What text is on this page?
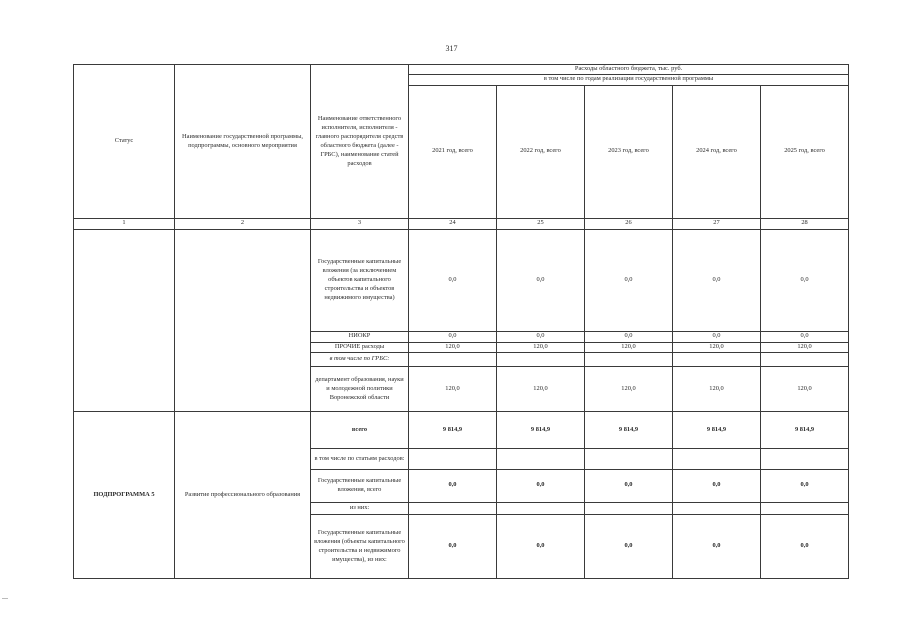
317
Статус	Наименование государственной программы, подпрограммы, основного мероприятия	Наименование ответственного исполнителя, исполнителя - главного распорядителя средств областного бюджета (далее - ГРБС), наименование статей расходов	Расходы областного бюджета, тыс. руб.				
			в том числе по годам реализации государственной программы				
			2021 год, всего	2022 год, всего	2023 год, всего	2024 год, всего	2025 год, всего
1	2	3	24	25	26	27	28
		Государственные капитальные вложения (за исключением объектов капитального строительства и объектов недвижимого имущества)	0,0	0,0	0,0	0,0	0,0
		НИОКР	0,0	0,0	0,0	0,0	0,0
		ПРОЧИЕ расходы	120,0	120,0	120,0	120,0	120,0
		в том числе по ГРБС:					
		департамент образования, науки и молодежной политики Воронежской области	120,0	120,0	120,0	120,0	120,0
ПОДПРОГРАММА 5	Развитие профессионального образования	всего	9 814,9	9 814,9	9 814,9	9 814,9	9 814,9
		в том числе по статьям расходов:					
		Государственные капитальные вложения, всего	0,0	0,0	0,0	0,0	0,0
		из них:					
		Государственные капитальные вложения (объекты капитального строительства и недвижимого имущества), из них:	0,0	0,0	0,0	0,0	0,0
